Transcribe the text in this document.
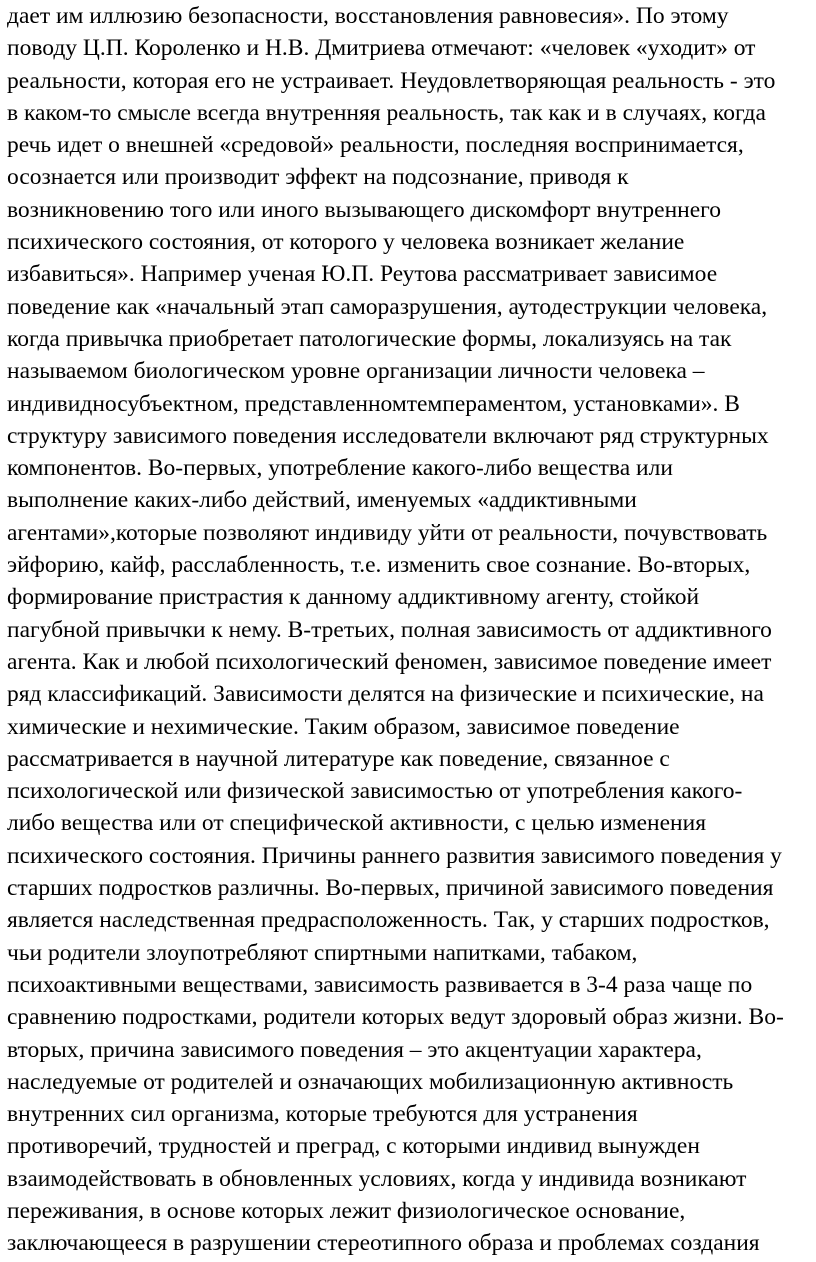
дает им иллюзию безопасности, восстановления равновесия». По этому
поводу Ц.П. Короленко и Н.В. Дмитриева отмечают: «человек «уходит» от
реальности, которая его не устраивает. Неудовлетворяющая реальность - это
в каком-то смысле всегда внутренняя реальность, так как и в случаях, когда
речь идет о внешней «средовой» реальности, последняя воспринимается,
осознается или производит эффект на подсознание, приводя к
возникновению того или иного вызывающего дискомфорт внутреннего
психического состояния, от которого у человека возникает желание
избавиться». Например ученая Ю.П. Реутова рассматривает зависимое
поведение как «начальный этап саморазрушения, аутодеструкции человека,
когда привычка приобретает патологические формы, локализуясь на так
называемом биологическом уровне организации личности человека –
индивидносубъектном, представленномтемпераментом, установками». В
структуру зависимого поведения исследователи включают ряд структурных
компонентов. Во-первых, употребление какого-либо вещества или
выполнение каких-либо действий, именуемых «аддиктивными
агентами»,которые позволяют индивиду уйти от реальности, почувствовать
эйфорию, кайф, расслабленность, т.е. изменить свое сознание. Во-вторых,
формирование пристрастия к данному аддиктивному агенту, стойкой
пагубной привычки к нему. В-третьих, полная зависимость от аддиктивного
агента. Как и любой психологический феномен, зависимое поведение имеет
ряд классификаций. Зависимости делятся на физические и психические, на
химические и нехимические. Таким образом, зависимое поведение
рассматривается в научной литературе как поведение, связанное с
психологической или физической зависимостью от употребления какого-
либо вещества или от специфической активности, с целью изменения
психического состояния. Причины раннего развития зависимого поведения у
старших подростков различны. Во-первых, причиной зависимого поведения
является наследственная предрасположенность. Так, у старших подростков,
чьи родители злоупотребляют спиртными напитками, табаком,
психоактивными веществами, зависимость развивается в 3-4 раза чаще по
сравнению подростками, родители которых ведут здоровый образ жизни. Во-
вторых, причина зависимого поведения – это акцентуации характера,
наследуемые от родителей и означающих мобилизационную активность
внутренних сил организма, которые требуются для устранения
противоречий, трудностей и преград, с которыми индивид вынужден
взаимодействовать в обновленных условиях, когда у индивида возникают
переживания, в основе которых лежит физиологическое основание,
заключающееся в разрушении стереотипного образа и проблемах создания
